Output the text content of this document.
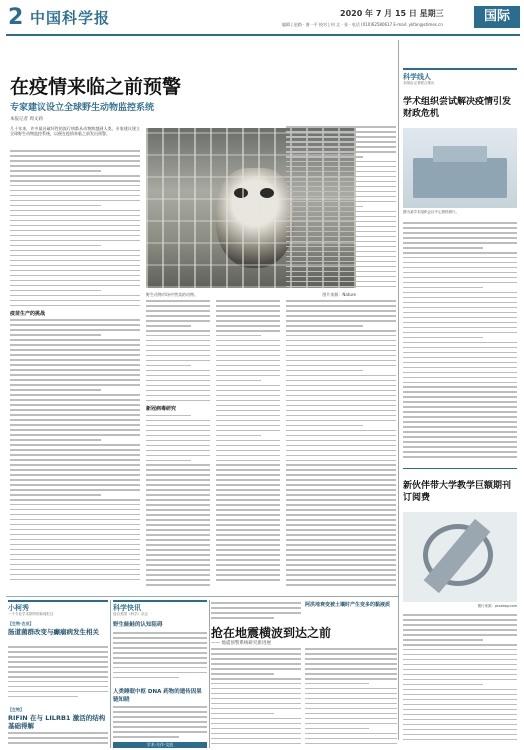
2 中国科学报	2020 年 7 月 15 日 星期三
编辑 | 赵路 · 唐一平 校对 | 何 丈 · 张 · 电话 (010)62580617 E-mail: ykfan@stimes.cn
国际
在疫情来临之前预警
专家建议设立全球野生动物监控系统
本报记者 周文莉
几十年来，许多最具破坏性的流行病都从动物跨越到人类。专家建议建立全球野生动物监控系统，以便在疫情来临之前发出预警。
疫苗生产的挑战
野生动物市场中售卖的动物。	图片来源：Nature
新冠病毒研究
科学线人
本版由记者联合推出
学术组织尝试解决疫情引发财政危机
图为某学术组织会议中心资料照片。
新伙伴带大学教学巨额期刊订阅费
图片来源：pixabay.com
小柯秀
一个专业学术期刊的新闻栏目
【生物·农业】
肠道菌群改变与癫痫病发生相关
【生物】
RIFIN 在与 LILRB1 激活的结构基础得解
科学快讯
选自美国《科学》杂志
野生鲑鲑的认知阻碍
人类睡眠中枢 DNA 药物的遗传因果链知晓
学术·合作·交流
阿洪地衰变被土壤时产生变多的黏液质
抢在地震横波到达之前
—— 地震预警系统研究新进展
